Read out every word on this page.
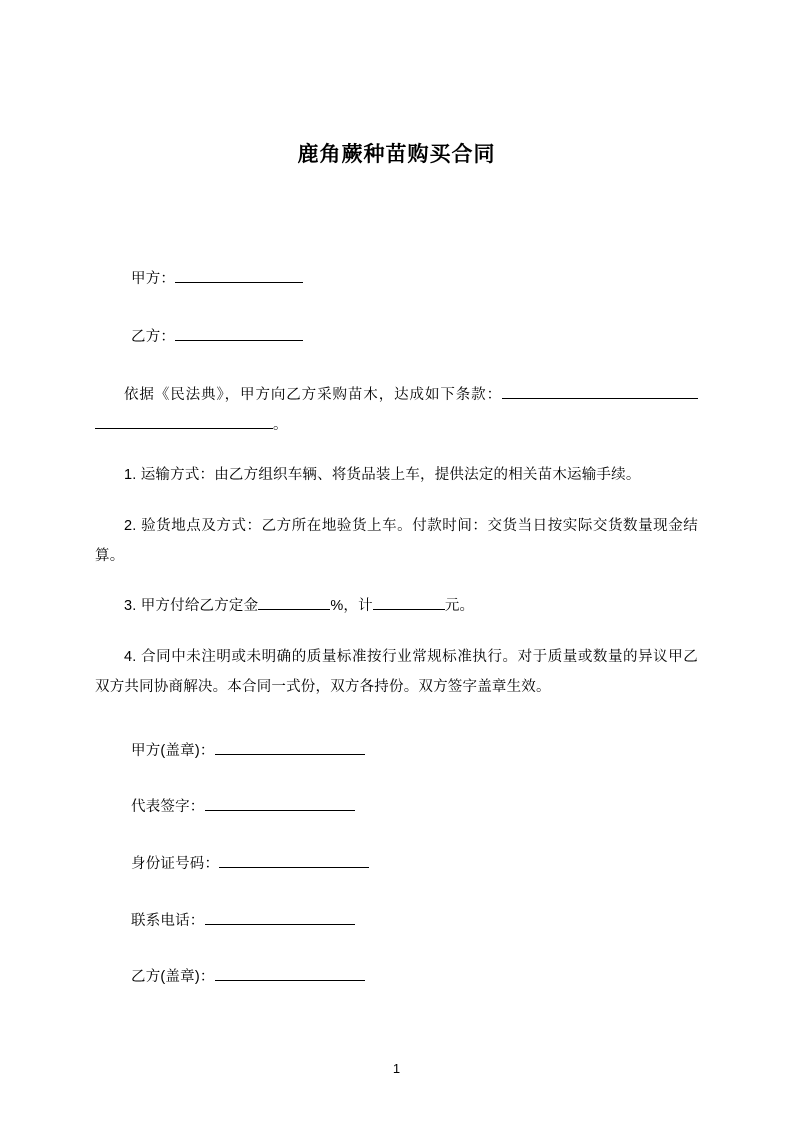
鹿角蕨种苗购买合同

甲方：

乙方：

依据《民法典》，甲方向乙方采购苗木，达成如下条款：。

1. 运输方式：由乙方组织车辆、将货品装上车，提供法定的相关苗木运输手续。

2. 验货地点及方式：乙方所在地验货上车。付款时间：交货当日按实际交货数量现金结算。

3. 甲方付给乙方定金	%，计	元。

4. 合同中未注明或未明确的质量标准按行业常规标准执行。对于质量或数量的异议甲乙双方共同协商解决。本合同一式份，双方各持份。双方签字盖章生效。

甲方(盖章)：

代表签字：

身份证号码：

联系电话：

乙方(盖章)：

1
